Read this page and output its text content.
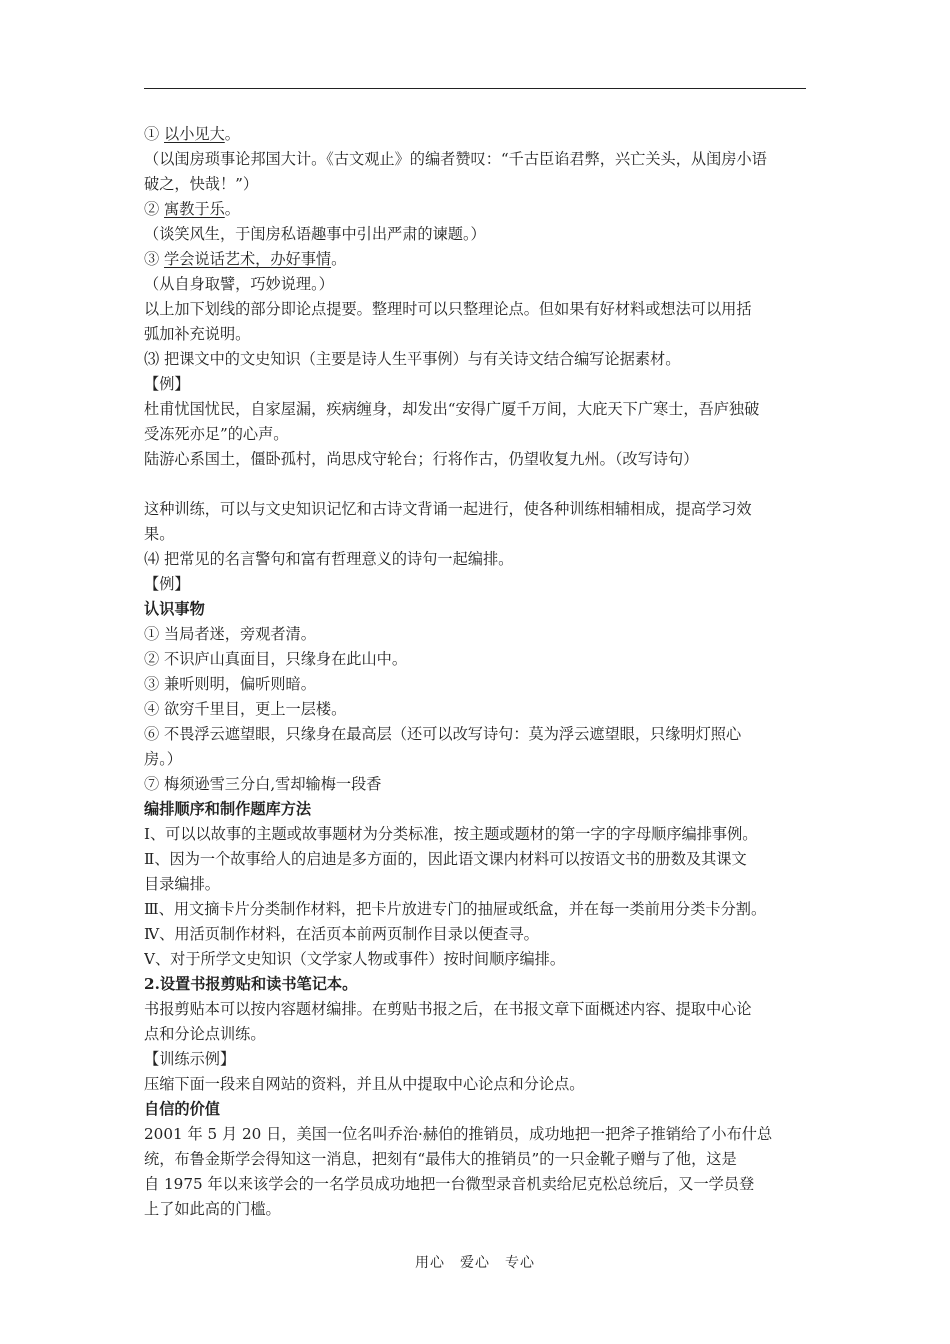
① 以小见大。
（以闺房琐事论邦国大计。《古文观止》的编者赞叹：“千古臣谄君弊，兴亡关头，从闺房小语
破之，快哉！”）
② 寓教于乐。
（谈笑风生，于闺房私语趣事中引出严肃的谏题。）
③ 学会说话艺术，办好事情。
（从自身取譬，巧妙说理。）
以上加下划线的部分即论点提要。整理时可以只整理论点。但如果有好材料或想法可以用括
弧加补充说明。
⑶ 把课文中的文史知识（主要是诗人生平事例）与有关诗文结合编写论据素材。
【例】
杜甫忧国忧民，自家屋漏，疾病缠身，却发出“安得广厦千万间，大庇天下广寒士，吾庐独破
受冻死亦足”的心声。
陆游心系国土，僵卧孤村，尚思戍守轮台；行将作古，仍望收复九州。（改写诗句）
这种训练，可以与文史知识记忆和古诗文背诵一起进行，使各种训练相辅相成，提高学习效
果。
⑷ 把常见的名言警句和富有哲理意义的诗句一起编排。
【例】
认识事物
① 当局者迷，旁观者清。
② 不识庐山真面目，只缘身在此山中。
③ 兼听则明，偏听则暗。
④ 欲穷千里目，更上一层楼。
⑥ 不畏浮云遮望眼，只缘身在最高层（还可以改写诗句：莫为浮云遮望眼，只缘明灯照心
房。）
⑦ 梅须逊雪三分白,雪却输梅一段香
编排顺序和制作题库方法
Ⅰ、可以以故事的主题或故事题材为分类标准，按主题或题材的第一字的字母顺序编排事例。
Ⅱ、因为一个故事给人的启迪是多方面的，因此语文课内材料可以按语文书的册数及其课文
目录编排。
Ⅲ、用文摘卡片分类制作材料，把卡片放进专门的抽屉或纸盒，并在每一类前用分类卡分割。
Ⅳ、用活页制作材料，在活页本前两页制作目录以便查寻。
Ⅴ、对于所学文史知识（文学家人物或事件）按时间顺序编排。
2.设置书报剪贴和读书笔记本。
书报剪贴本可以按内容题材编排。在剪贴书报之后，在书报文章下面概述内容、提取中心论
点和分论点训练。
【训练示例】
压缩下面一段来自网站的资料，并且从中提取中心论点和分论点。
自信的价值
2001 年 5 月 20 日，美国一位名叫乔治·赫伯的推销员，成功地把一把斧子推销给了小布什总
统，布鲁金斯学会得知这一消息，把刻有“最伟大的推销员”的一只金靴子赠与了他，这是
自 1975 年以来该学会的一名学员成功地把一台微型录音机卖给尼克松总统后，又一学员登
上了如此高的门槛。
用心　爱心　专心
